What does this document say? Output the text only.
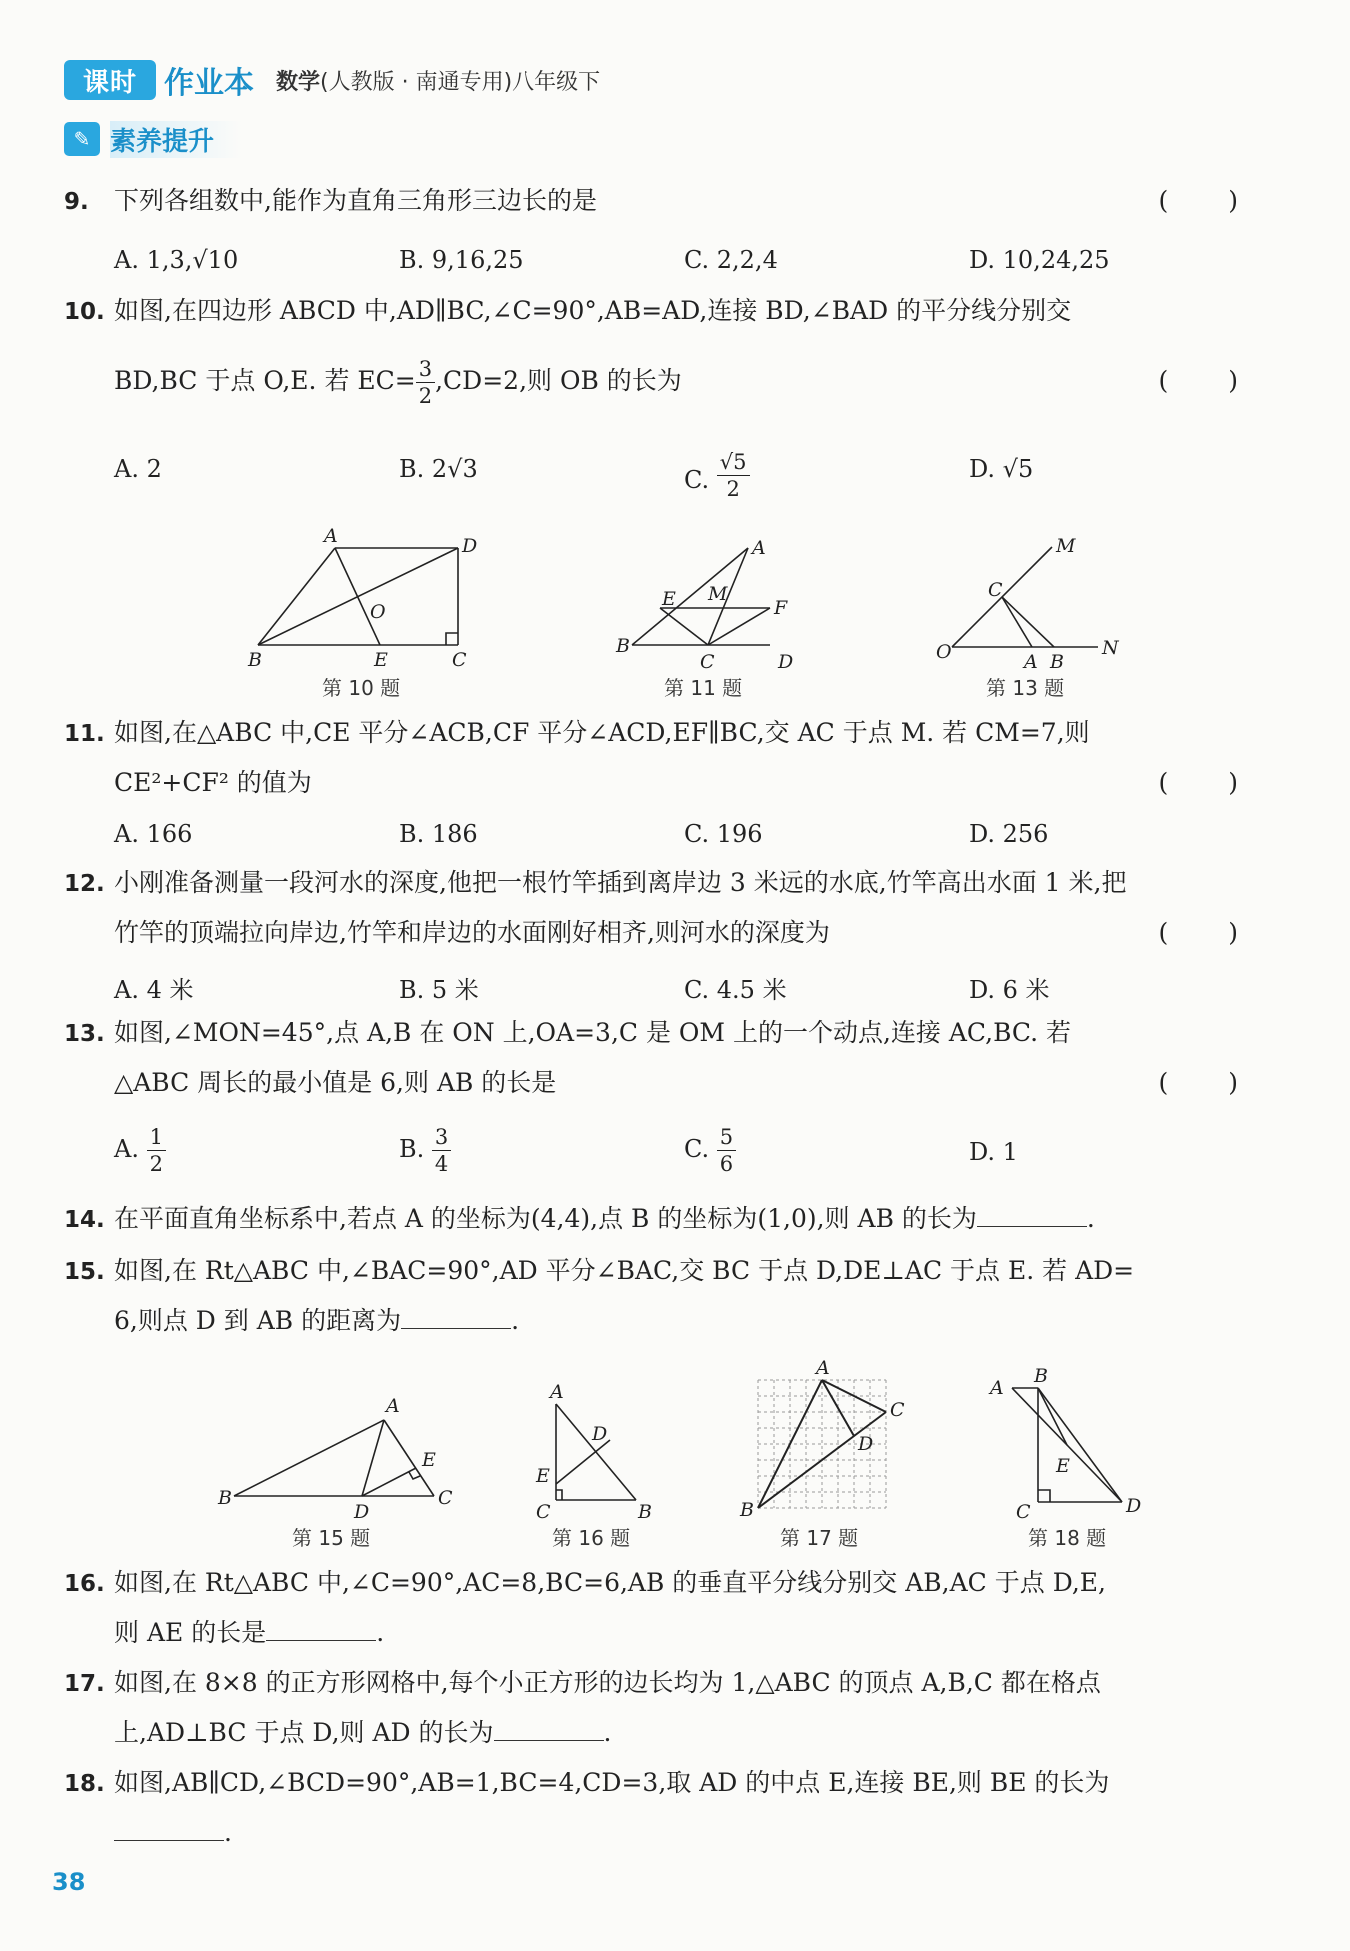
课时 作业本 数学(人教版 · 南通专用)八年级下
✎ 素养提升
9. 下列各组数中,能作为直角三角形三边长的是	( )
A. 1,3,√10	B. 9,16,25	C. 2,2,4	D. 10,24,25
10. 如图,在四边形 ABCD 中,AD∥BC,∠C=90°,AB=AD,连接 BD,∠BAD 的平分线分别交
BD,BC 于点 O,E. 若 $EC= \frac{3}{2} ,CD=2$,则 OB 的长为	( )
A. 2	B. 2√3	C. $\frac{√5}{2}$	D. √5
A	D
B	E	C
O
第 10 题
A
B
C	D
E	F
M
第 11 题
M
C
O	A B
N
第 13 题
11. 如图,在△ABC 中,CE 平分∠ACB,CF 平分∠ACD,EF∥BC,交 AC 于点 M. 若 CM=7,则
CE²+CF² 的值为	( )
A. 166	B. 186	C. 196	D. 256
12. 小刚准备测量一段河水的深度,他把一根竹竿插到离岸边 3 米远的水底,竹竿高出水面 1 米,把
竹竿的顶端拉向岸边,竹竿和岸边的水面刚好相齐,则河水的深度为	( )
A. 4 米	B. 5 米	C. 4.5 米	D. 6 米
13. 如图,∠MON=45°,点 A,B 在 ON 上,OA=3,C 是 OM 上的一个动点,连接 AC,BC. 若
△ABC 周长的最小值是 6,则 AB 的长是	( )
A. $\frac{1}{2}$	B. $\frac{3}{4}$	C. $\frac{5}{6}$	D. 1
14. 在平面直角坐标系中,若点 A 的坐标为(4,4),点 B 的坐标为(1,0),则 AB 的长为	.
15. 如图,在 Rt△ABC 中,∠BAC=90°,AD 平分∠BAC,交 BC 于点 D,DE⊥AC 于点 E. 若 AD=
6,则点 D 到 AB 的距离为	.
A
B
D
C
E
第 15 题
A
D
E
C	B
第 16 题
A
B
C
D
第 17 题
A
B
E
C	D
第 18 题
16. 如图,在 Rt△ABC 中,∠C=90°,AC=8,BC=6,AB 的垂直平分线分别交 AB,AC 于点 D,E,
则 AE 的长是	.
17. 如图,在 8×8 的正方形网格中,每个小正方形的边长均为 1,△ABC 的顶点 A,B,C 都在格点
上,AD⊥BC 于点 D,则 AD 的长为	.
18. 如图,AB∥CD,∠BCD=90°,AB=1,BC=4,CD=3,取 AD 的中点 E,连接 BE,则 BE 的长为
.
38
